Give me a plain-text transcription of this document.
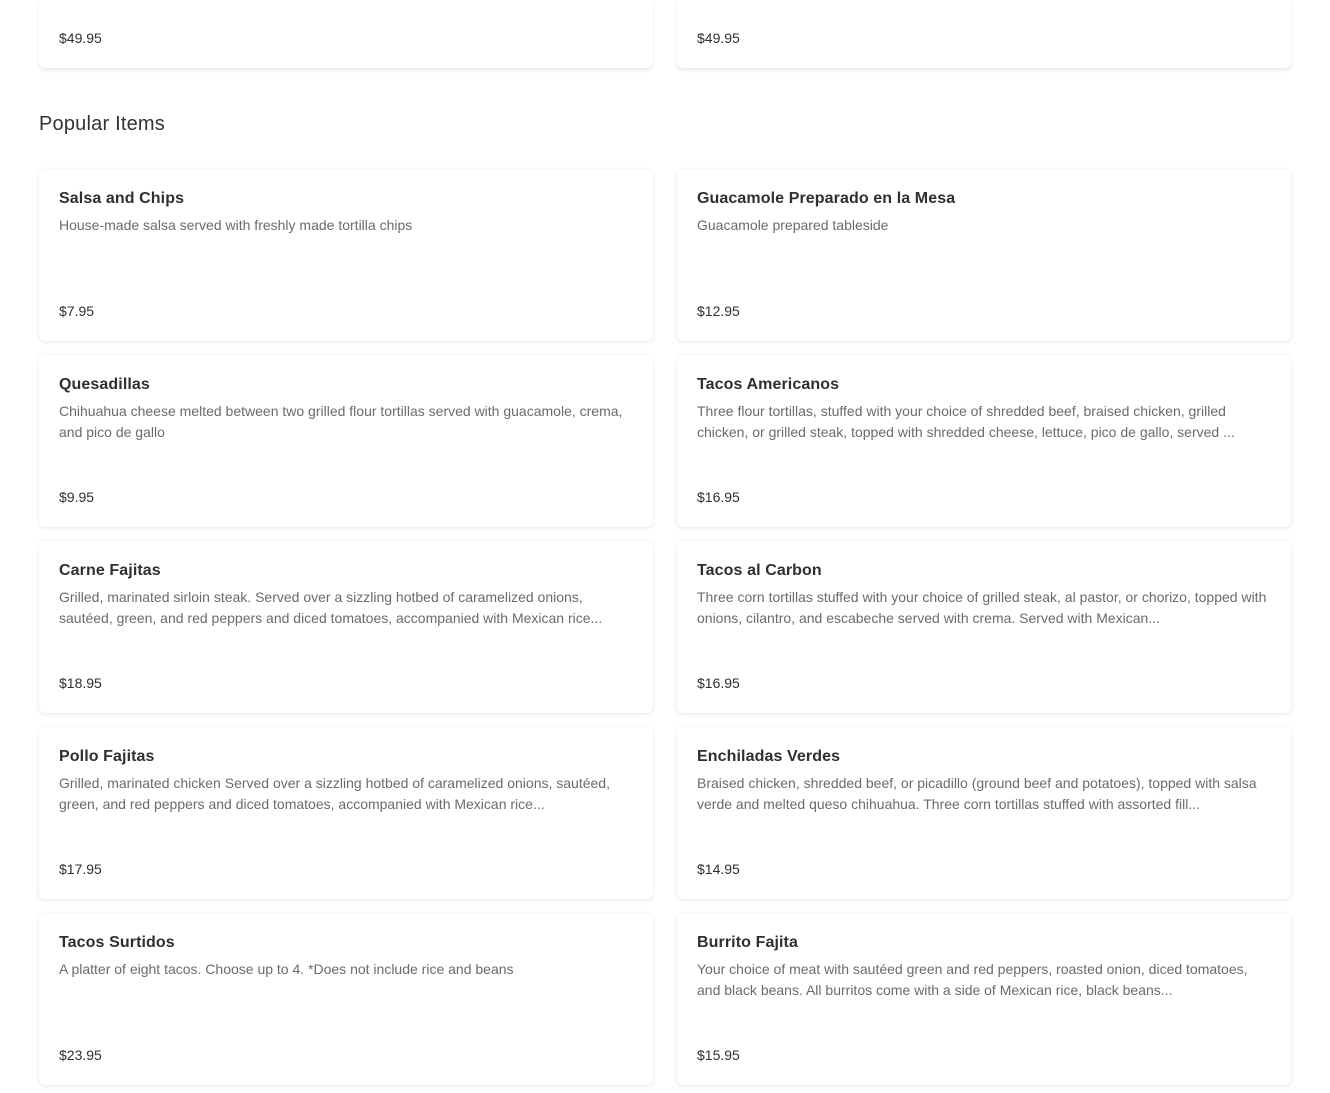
$49.95	$49.95
Popular Items
Salsa and Chips

House-made salsa served with freshly made tortilla chips

$7.95
Guacamole Preparado en la Mesa

Guacamole prepared tableside

$12.95
Quesadillas

Chihuahua cheese melted between two grilled flour tortillas served with guacamole, crema, and pico de gallo

$9.95
Tacos Americanos

Three flour tortillas, stuffed with your choice of shredded beef, braised chicken, grilled chicken, or grilled steak, topped with shredded cheese, lettuce, pico de gallo, served ...

$16.95
Carne Fajitas

Grilled, marinated sirloin steak. Served over a sizzling hotbed of caramelized onions, sautéed, green, and red peppers and diced tomatoes, accompanied with Mexican rice...

$18.95
Tacos al Carbon

Three corn tortillas stuffed with your choice of grilled steak, al pastor, or chorizo, topped with onions, cilantro, and escabeche served with crema. Served with Mexican...

$16.95
Pollo Fajitas

Grilled, marinated chicken Served over a sizzling hotbed of caramelized onions, sautéed, green, and red peppers and diced tomatoes, accompanied with Mexican rice...

$17.95
Enchiladas Verdes

Braised chicken, shredded beef, or picadillo (ground beef and potatoes), topped with salsa verde and melted queso chihuahua. Three corn tortillas stuffed with assorted fill...

$14.95
Tacos Surtidos

A platter of eight tacos. Choose up to 4. *Does not include rice and beans

$23.95
Burrito Fajita

Your choice of meat with sautéed green and red peppers, roasted onion, diced tomatoes, and black beans. All burritos come with a side of Mexican rice, black beans...

$15.95
